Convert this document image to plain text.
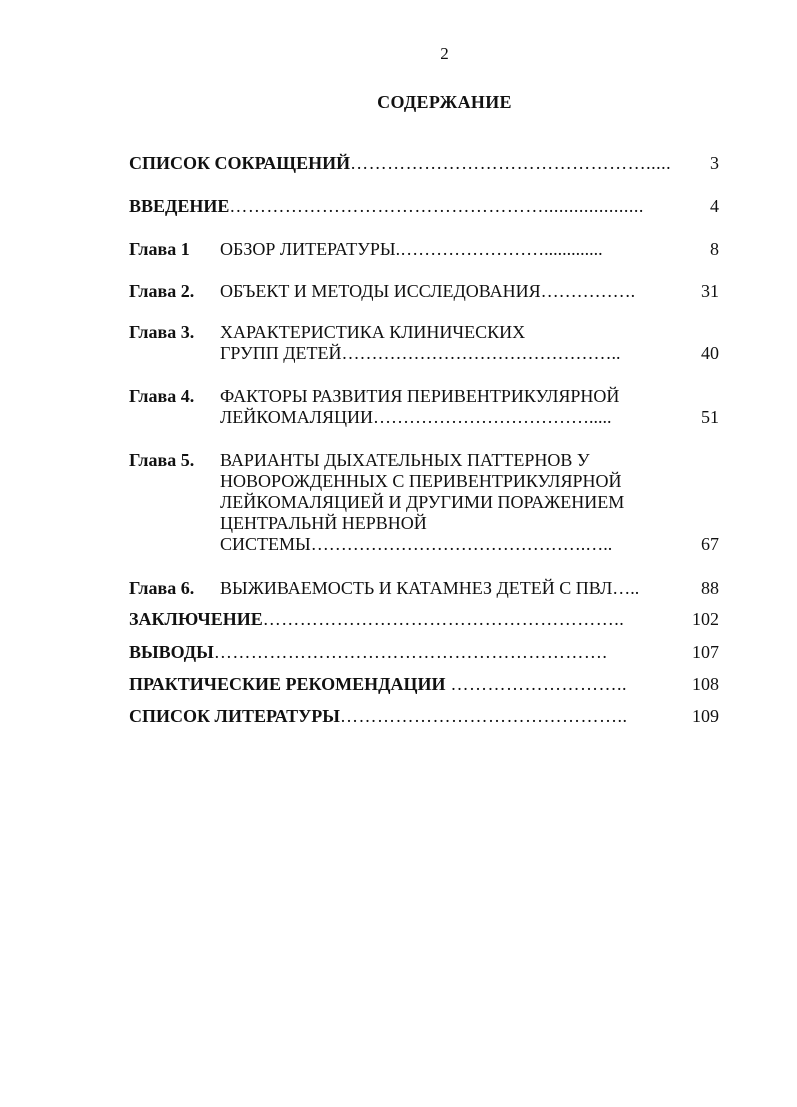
2
СОДЕРЖАНИЕ
СПИСОК СОКРАЩЕНИЙ………………………………………….....	3
ВВЕДЕНИЕ……………………………………………....................	4
Глава 1 ОБЗОР ЛИТЕРАТУРЫ.…………………….............	8
Глава 2. ОБЪЕКТ И МЕТОДЫ ИССЛЕДОВАНИЯ…………….	31
Глава 3. ХАРАКТЕРИСТИКА КЛИНИЧЕСКИХ
ГРУПП ДЕТЕЙ………………………………………..	40
Глава 4. ФАКТОРЫ РАЗВИТИЯ ПЕРИВЕНТРИКУЛЯРНОЙ
ЛЕЙКОМАЛЯЦИИ……………………………….....	51
Глава 5. ВАРИАНТЫ ДЫХАТЕЛЬНЫХ ПАТТЕРНОВ У
НОВОРОЖДЕННЫХ С ПЕРИВЕНТРИКУЛЯРНОЙ
ЛЕЙКОМАЛЯЦИЕЙ И ДРУГИМИ ПОРАЖЕНИЕМ
ЦЕНТРАЛЬНЙ НЕРВНОЙ
СИСТЕМЫ……………………………………….…..	67
Глава 6. ВЫЖИВАЕМОСТЬ И КАТАМНЕЗ ДЕТЕЙ С ПВЛ…..	88
ЗАКЛЮЧЕНИЕ…………………………………………………..	102
ВЫВОДЫ……………………………………………………….	107
ПРАКТИЧЕСКИЕ РЕКОМЕНДАЦИИ ………………………..	108
СПИСОК ЛИТЕРАТУРЫ………………………………………..	109
